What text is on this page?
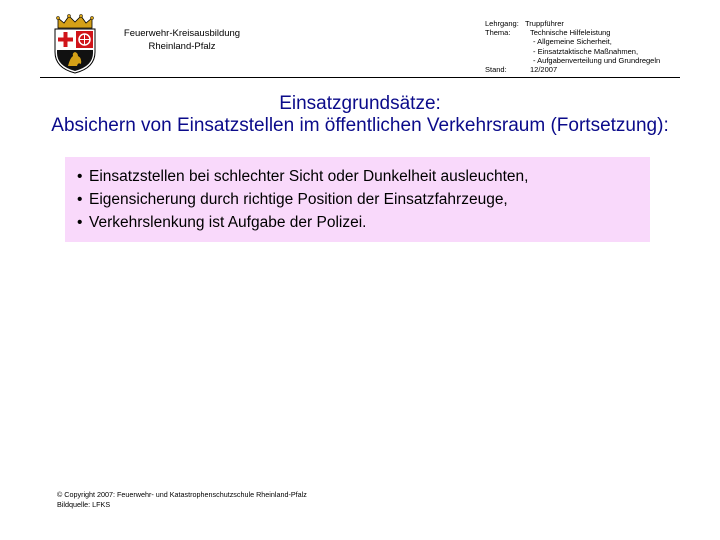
Feuerwehr-Kreisausbildung
Rheinland-Pfalz
Lehrgang: Truppführer
Thema:	Technische Hilfeleistung
- Allgemeine Sicherheit,
- Einsatztaktische Maßnahmen,
- Aufgabenverteilung und Grundregeln
Stand:	12/2007
Einsatzgrundsätze:
Absichern von Einsatzstellen im öffentlichen Verkehrsraum (Fortsetzung):
• Einsatzstellen bei schlechter Sicht oder Dunkelheit ausleuchten,
• Eigensicherung durch richtige Position der Einsatzfahrzeuge,
• Verkehrslenkung ist Aufgabe der Polizei.
© Copyright 2007: Feuerwehr- und Katastrophenschutzschule Rheinland-Pfalz
Bildquelle: LFKS
